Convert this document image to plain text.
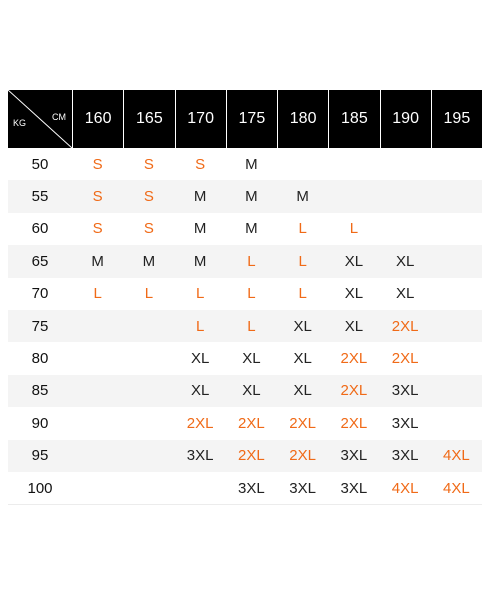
KG
CM	160	165	170	175	180	185	190	195
50	S	S	S	M				
55	S	S	M	M	M			
60	S	S	M	M	L	L		
65	M	M	M	L	L	XL	XL	
70	L	L	L	L	L	XL	XL	
75			L	L	XL	XL	2XL	
80			XL	XL	XL	2XL	2XL	
85			XL	XL	XL	2XL	3XL	
90			2XL	2XL	2XL	2XL	3XL	
95			3XL	2XL	2XL	3XL	3XL	4XL
100				3XL	3XL	3XL	4XL	4XL
